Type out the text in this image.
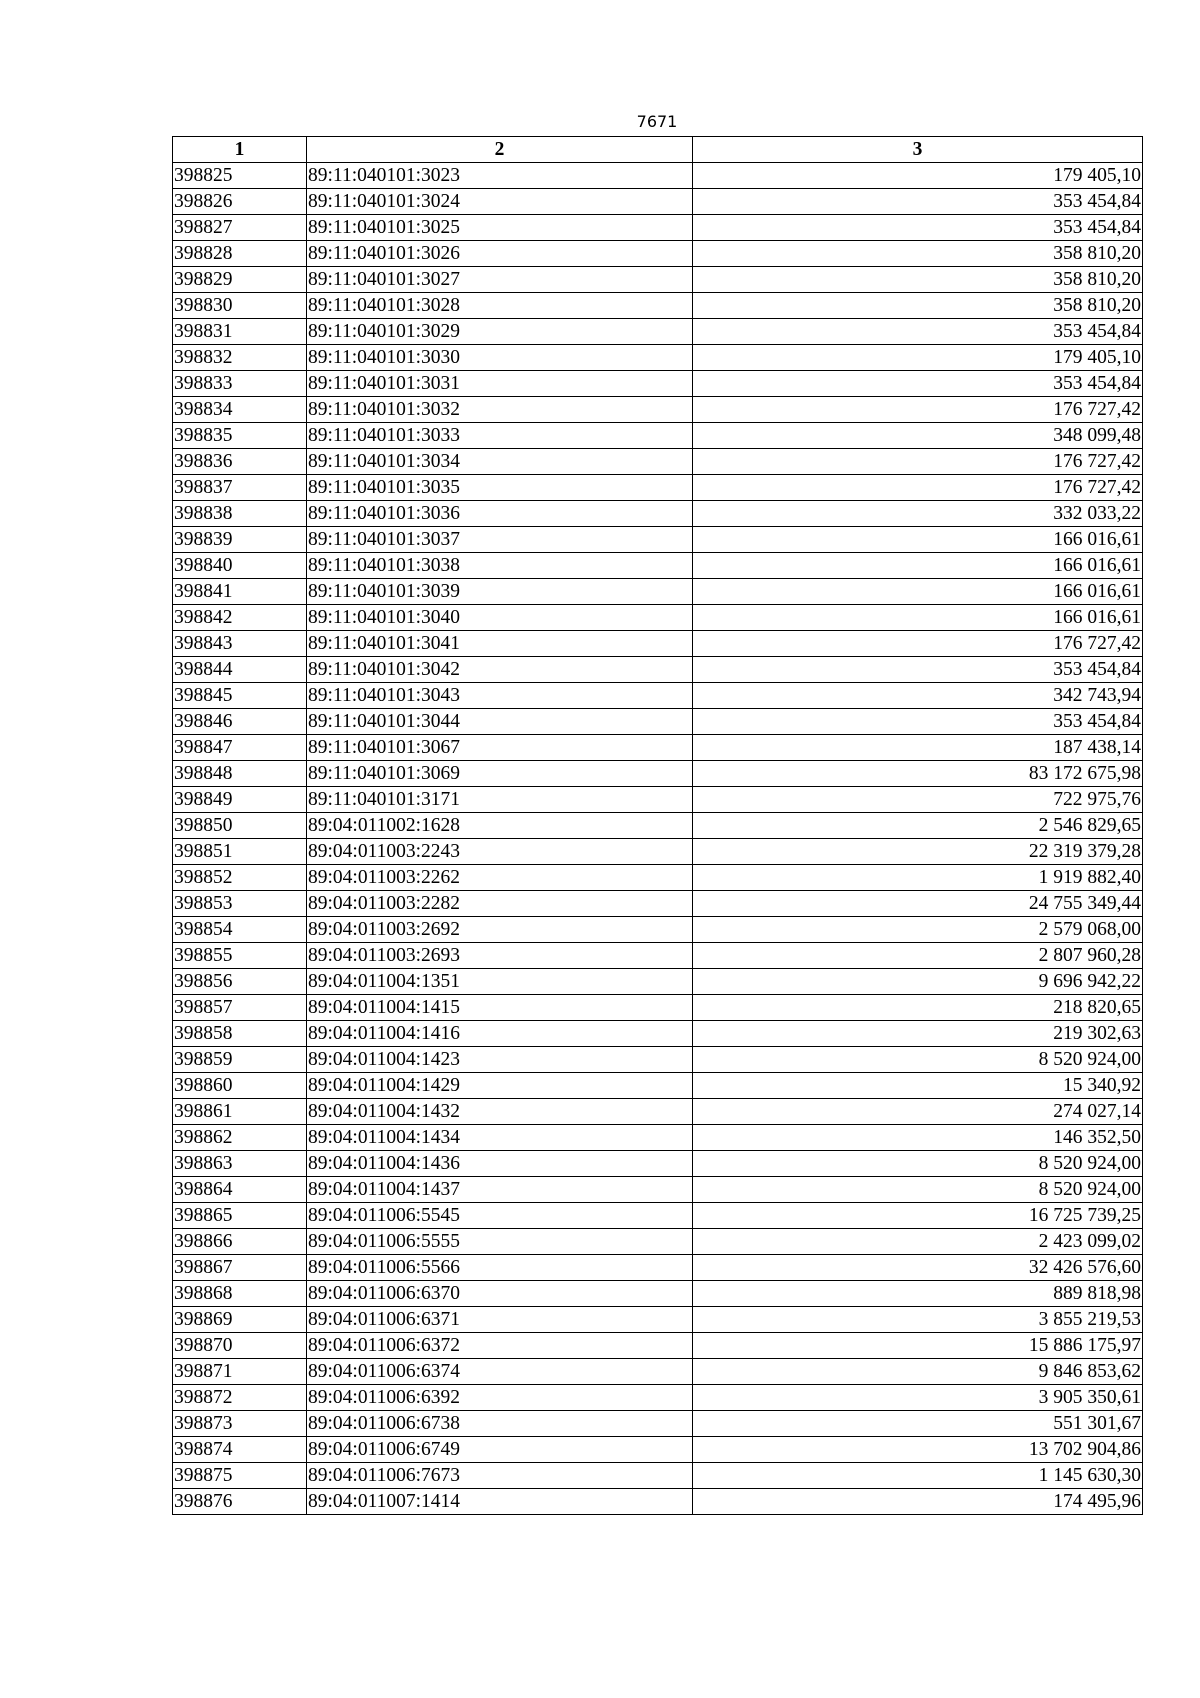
7671
1	2	3
398825	89:11:040101:3023	179 405,10
398826	89:11:040101:3024	353 454,84
398827	89:11:040101:3025	353 454,84
398828	89:11:040101:3026	358 810,20
398829	89:11:040101:3027	358 810,20
398830	89:11:040101:3028	358 810,20
398831	89:11:040101:3029	353 454,84
398832	89:11:040101:3030	179 405,10
398833	89:11:040101:3031	353 454,84
398834	89:11:040101:3032	176 727,42
398835	89:11:040101:3033	348 099,48
398836	89:11:040101:3034	176 727,42
398837	89:11:040101:3035	176 727,42
398838	89:11:040101:3036	332 033,22
398839	89:11:040101:3037	166 016,61
398840	89:11:040101:3038	166 016,61
398841	89:11:040101:3039	166 016,61
398842	89:11:040101:3040	166 016,61
398843	89:11:040101:3041	176 727,42
398844	89:11:040101:3042	353 454,84
398845	89:11:040101:3043	342 743,94
398846	89:11:040101:3044	353 454,84
398847	89:11:040101:3067	187 438,14
398848	89:11:040101:3069	83 172 675,98
398849	89:11:040101:3171	722 975,76
398850	89:04:011002:1628	2 546 829,65
398851	89:04:011003:2243	22 319 379,28
398852	89:04:011003:2262	1 919 882,40
398853	89:04:011003:2282	24 755 349,44
398854	89:04:011003:2692	2 579 068,00
398855	89:04:011003:2693	2 807 960,28
398856	89:04:011004:1351	9 696 942,22
398857	89:04:011004:1415	218 820,65
398858	89:04:011004:1416	219 302,63
398859	89:04:011004:1423	8 520 924,00
398860	89:04:011004:1429	15 340,92
398861	89:04:011004:1432	274 027,14
398862	89:04:011004:1434	146 352,50
398863	89:04:011004:1436	8 520 924,00
398864	89:04:011004:1437	8 520 924,00
398865	89:04:011006:5545	16 725 739,25
398866	89:04:011006:5555	2 423 099,02
398867	89:04:011006:5566	32 426 576,60
398868	89:04:011006:6370	889 818,98
398869	89:04:011006:6371	3 855 219,53
398870	89:04:011006:6372	15 886 175,97
398871	89:04:011006:6374	9 846 853,62
398872	89:04:011006:6392	3 905 350,61
398873	89:04:011006:6738	551 301,67
398874	89:04:011006:6749	13 702 904,86
398875	89:04:011006:7673	1 145 630,30
398876	89:04:011007:1414	174 495,96
